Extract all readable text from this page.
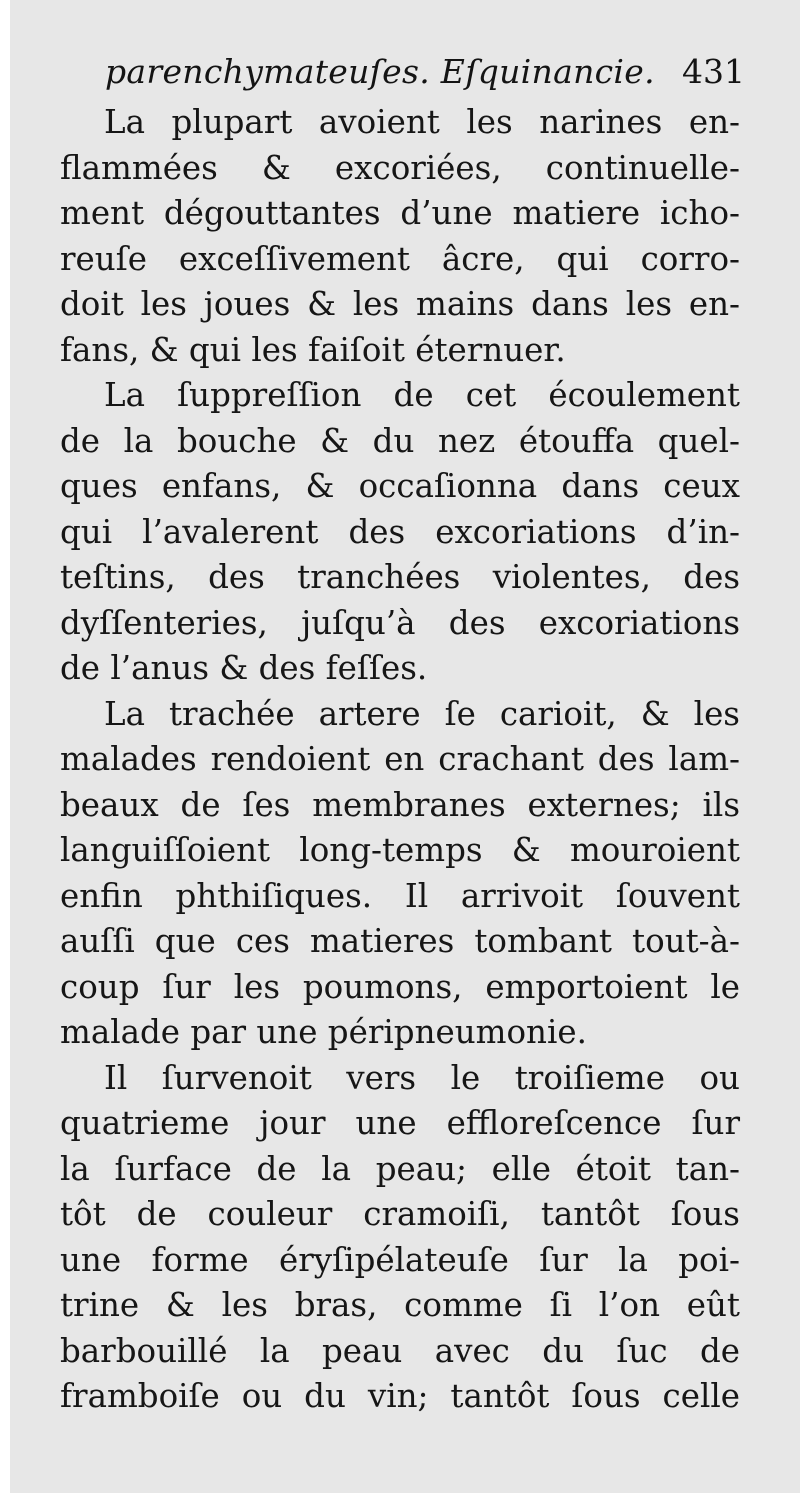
parenchymateuſes. Eſquinancie. 431
La plupart avoient les narines en-
flammées & excoriées, continuelle-
ment dégouttantes d’une matiere icho-
reuſe exceſſivement âcre, qui corro-
doit les joues & les mains dans les en-
fans, & qui les faiſoit éternuer.
La ſuppreſſion de cet écoulement
de la bouche & du nez étouffa quel-
ques enfans, & occaſionna dans ceux
qui l’avalerent des excoriations d’in-
teſtins, des tranchées violentes, des
dyſſenteries, juſqu’à des excoriations
de l’anus & des feſſes.
La trachée artere ſe carioit, & les
malades rendoient en crachant des lam-
beaux de ſes membranes externes; ils
languiſſoient long-temps & mouroient
enfin phthiſiques. Il arrivoit ſouvent
auſſi que ces matieres tombant tout-à-
coup ſur les poumons, emportoient le
malade par une péripneumonie.
Il ſurvenoit vers le troiſieme ou
quatrieme jour une effloreſcence ſur
la ſurface de la peau; elle étoit tan-
tôt de couleur cramoiſi, tantôt ſous
une forme éryſipélateuſe ſur la poi-
trine & les bras, comme ſi l’on eût
barbouillé la peau avec du ſuc de
framboiſe ou du vin; tantôt ſous celle
